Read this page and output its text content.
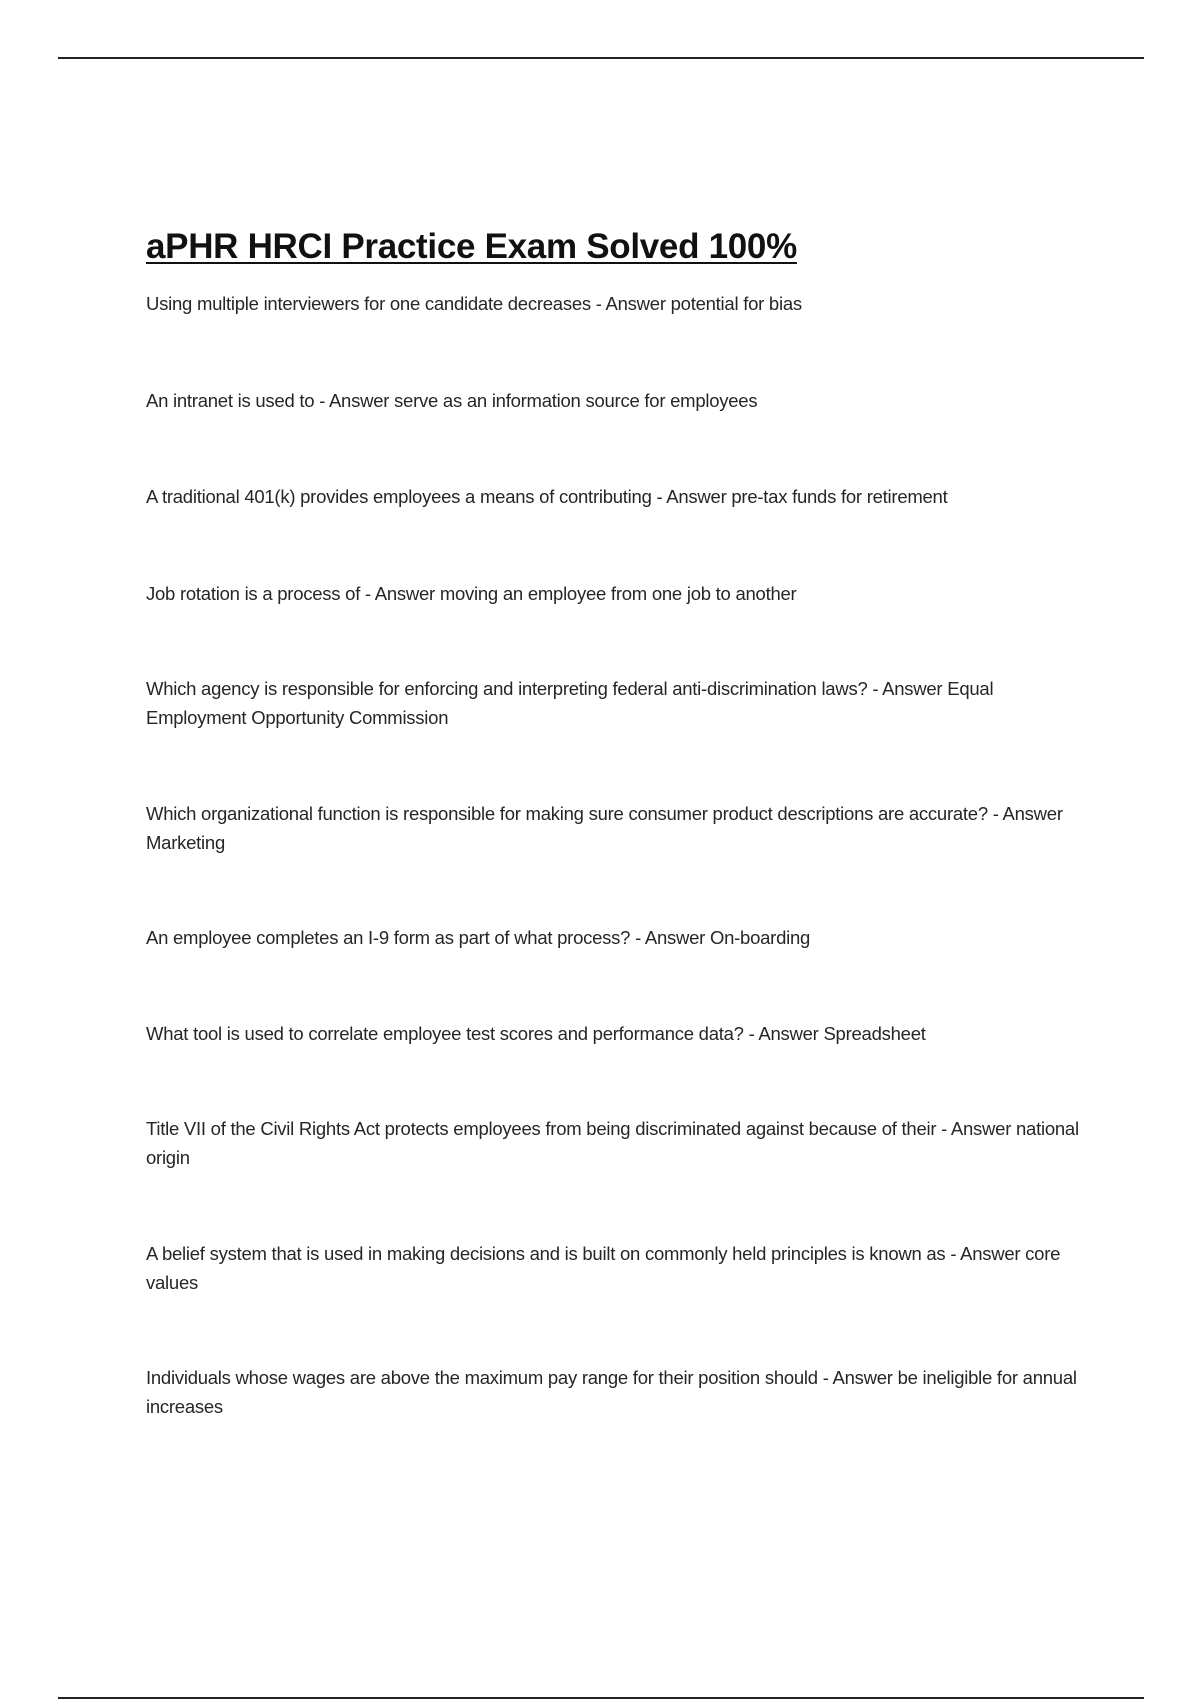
aPHR HRCI Practice Exam Solved 100%

Using multiple interviewers for one candidate decreases - Answer potential for bias

An intranet is used to - Answer serve as an information source for employees

A traditional 401(k) provides employees a means of contributing - Answer pre-tax funds for retirement

Job rotation is a process of - Answer moving an employee from one job to another

Which agency is responsible for enforcing and interpreting federal anti-discrimination laws? - Answer Equal Employment Opportunity Commission

Which organizational function is responsible for making sure consumer product descriptions are accurate? - Answer Marketing

An employee completes an I-9 form as part of what process? - Answer On-boarding

What tool is used to correlate employee test scores and performance data? - Answer Spreadsheet

Title VII of the Civil Rights Act protects employees from being discriminated against because of their - Answer national origin

A belief system that is used in making decisions and is built on commonly held principles is known as - Answer core values

Individuals whose wages are above the maximum pay range for their position should - Answer be ineligible for annual increases
